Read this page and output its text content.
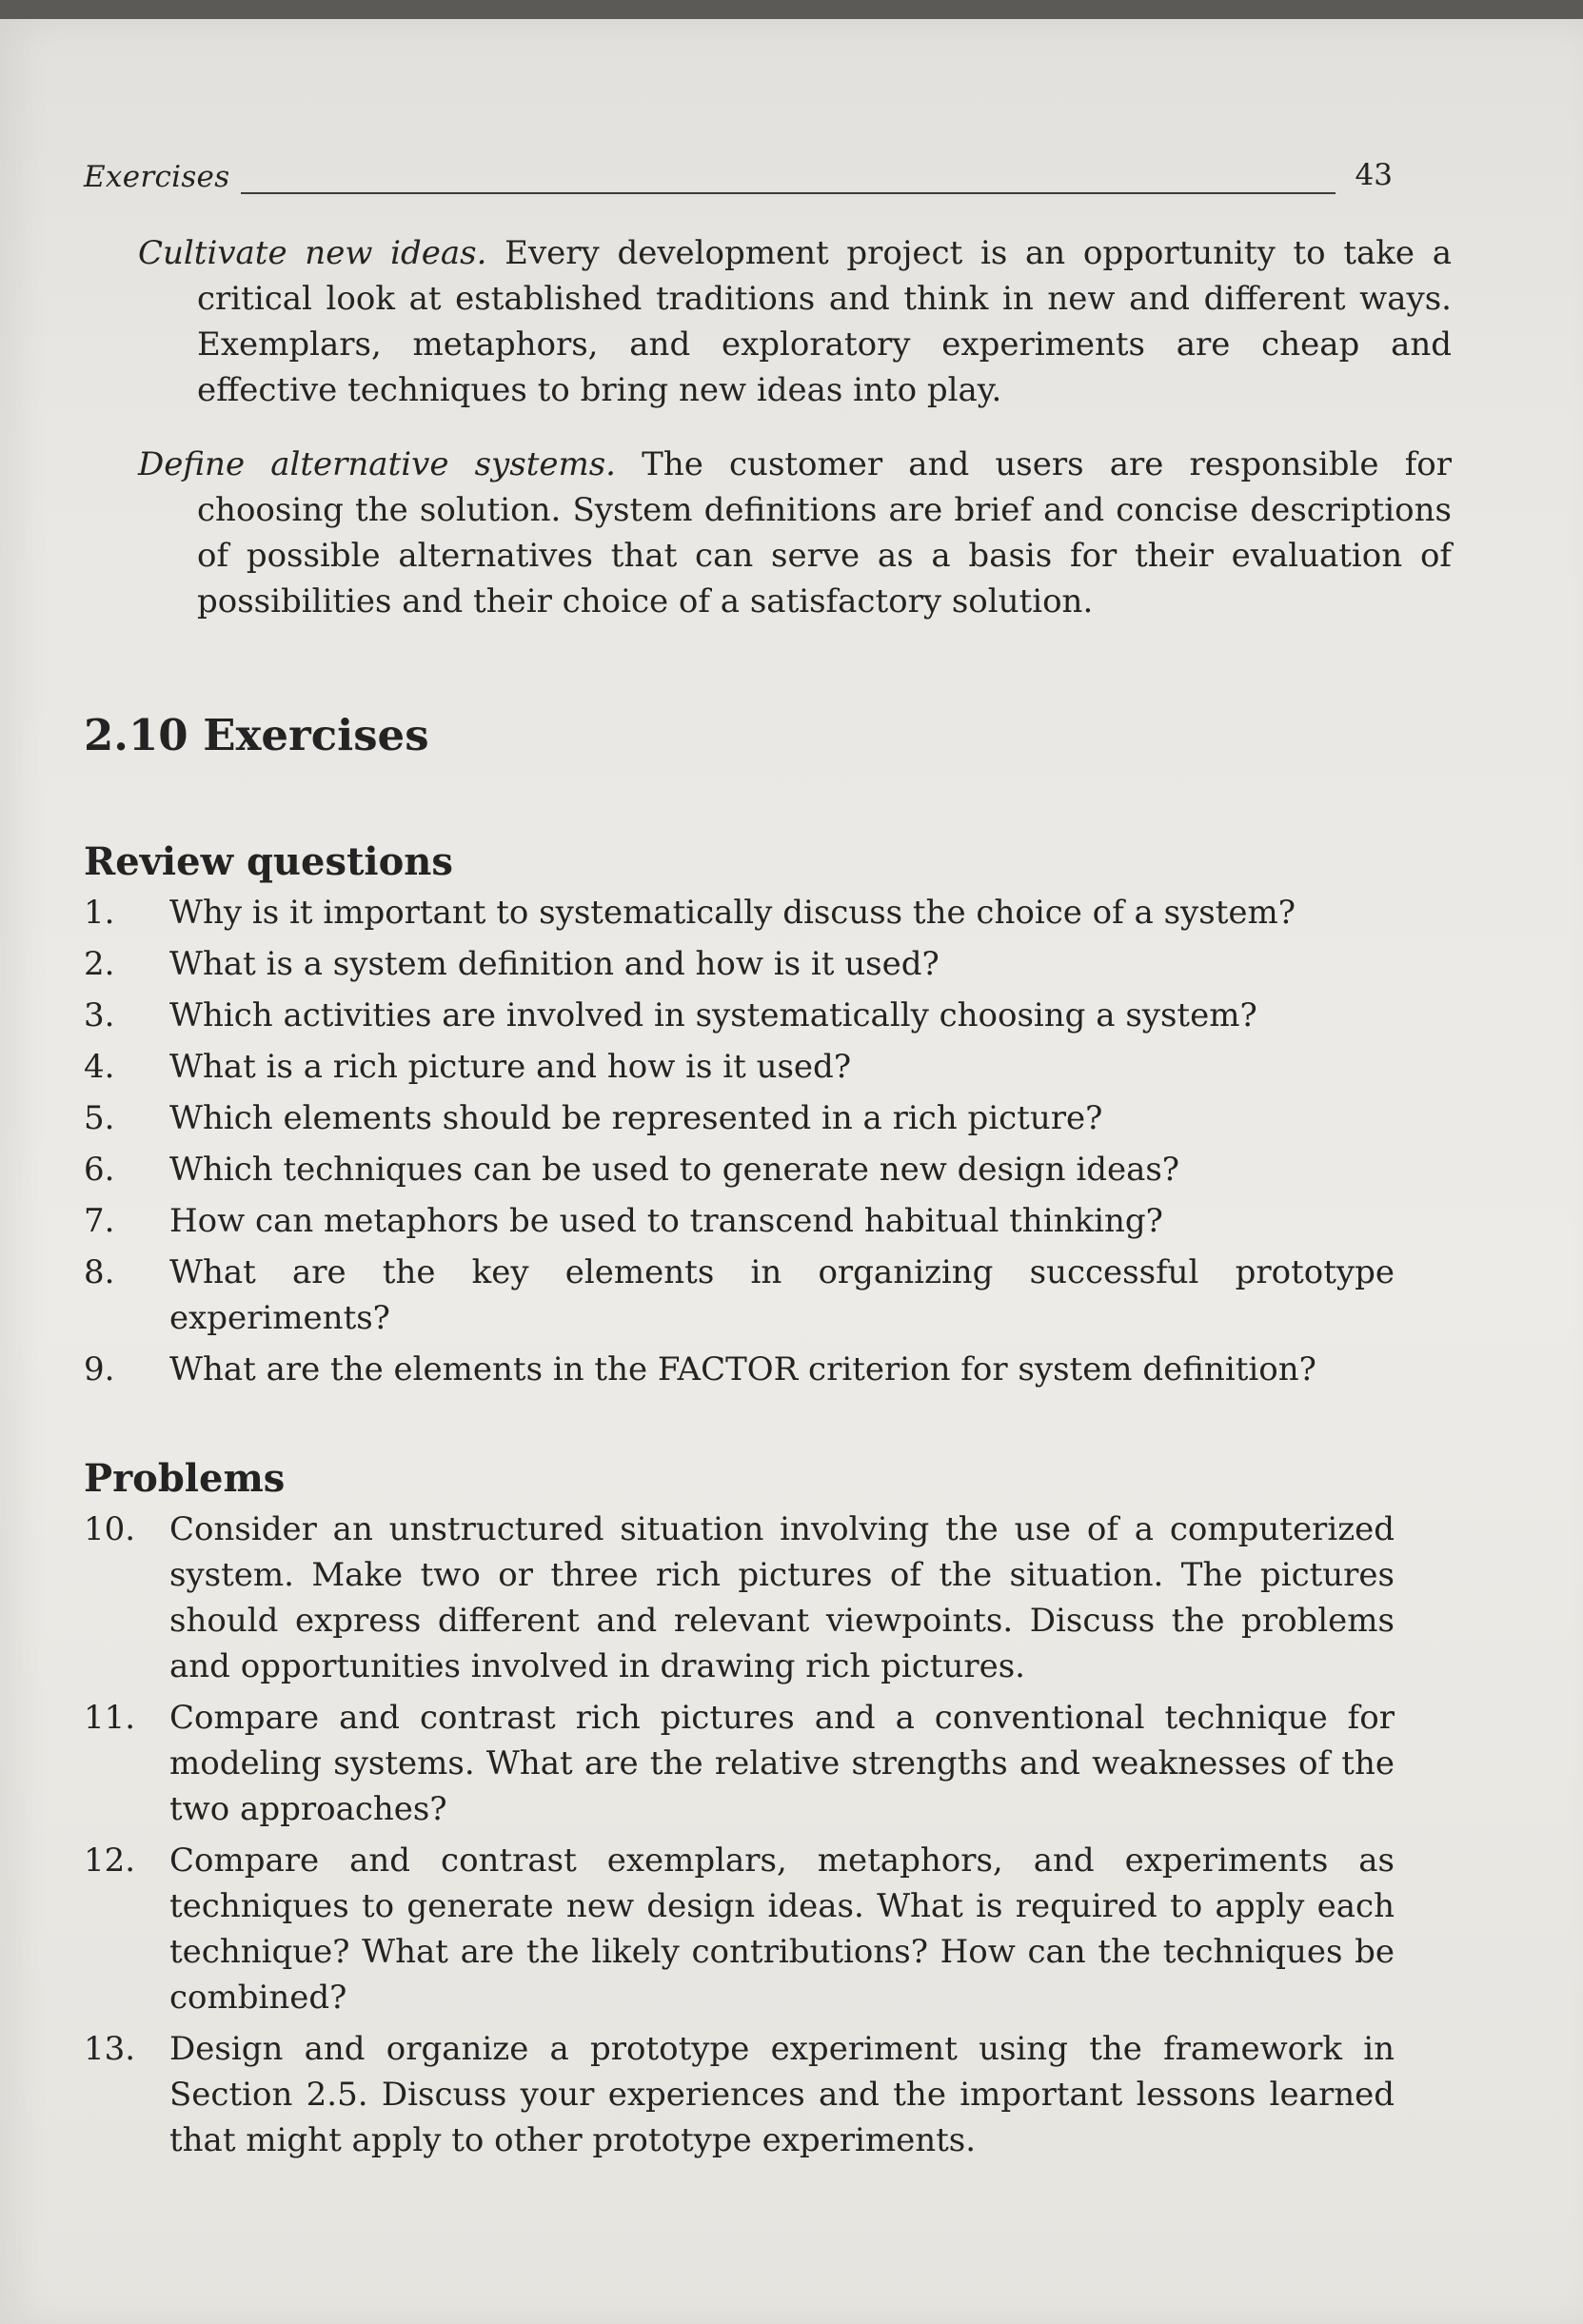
Exercises	43

Cultivate new ideas. Every development project is an opportunity to take a critical look at established traditions and think in new and different ways. Exemplars, metaphors, and exploratory experiments are cheap and effective techniques to bring new ideas into play.

Define alternative systems. The customer and users are responsible for choosing the solution. System definitions are brief and concise descriptions of possible alternatives that can serve as a basis for their evaluation of possibilities and their choice of a satisfactory solution.

2.10 Exercises
Review questions
1.	Why is it important to systematically discuss the choice of a system?
2.	What is a system definition and how is it used?
3.	Which activities are involved in systematically choosing a system?
4.	What is a rich picture and how is it used?
5.	Which elements should be represented in a rich picture?
6.	Which techniques can be used to generate new design ideas?
7.	How can metaphors be used to transcend habitual thinking?
8.	What are the key elements in organizing successful prototype experiments?
9.	What are the elements in the FACTOR criterion for system definition?
Problems
10.	Consider an unstructured situation involving the use of a computerized system. Make two or three rich pictures of the situation. The pictures should express different and relevant viewpoints. Discuss the problems and opportunities involved in drawing rich pictures.
11.	Compare and contrast rich pictures and a conventional technique for modeling systems. What are the relative strengths and weaknesses of the two approaches?
12.	Compare and contrast exemplars, metaphors, and experiments as techniques to generate new design ideas. What is required to apply each technique? What are the likely contributions? How can the techniques be combined?
13.	Design and organize a prototype experiment using the framework in Section 2.5. Discuss your experiences and the important lessons learned that might apply to other prototype experiments.
